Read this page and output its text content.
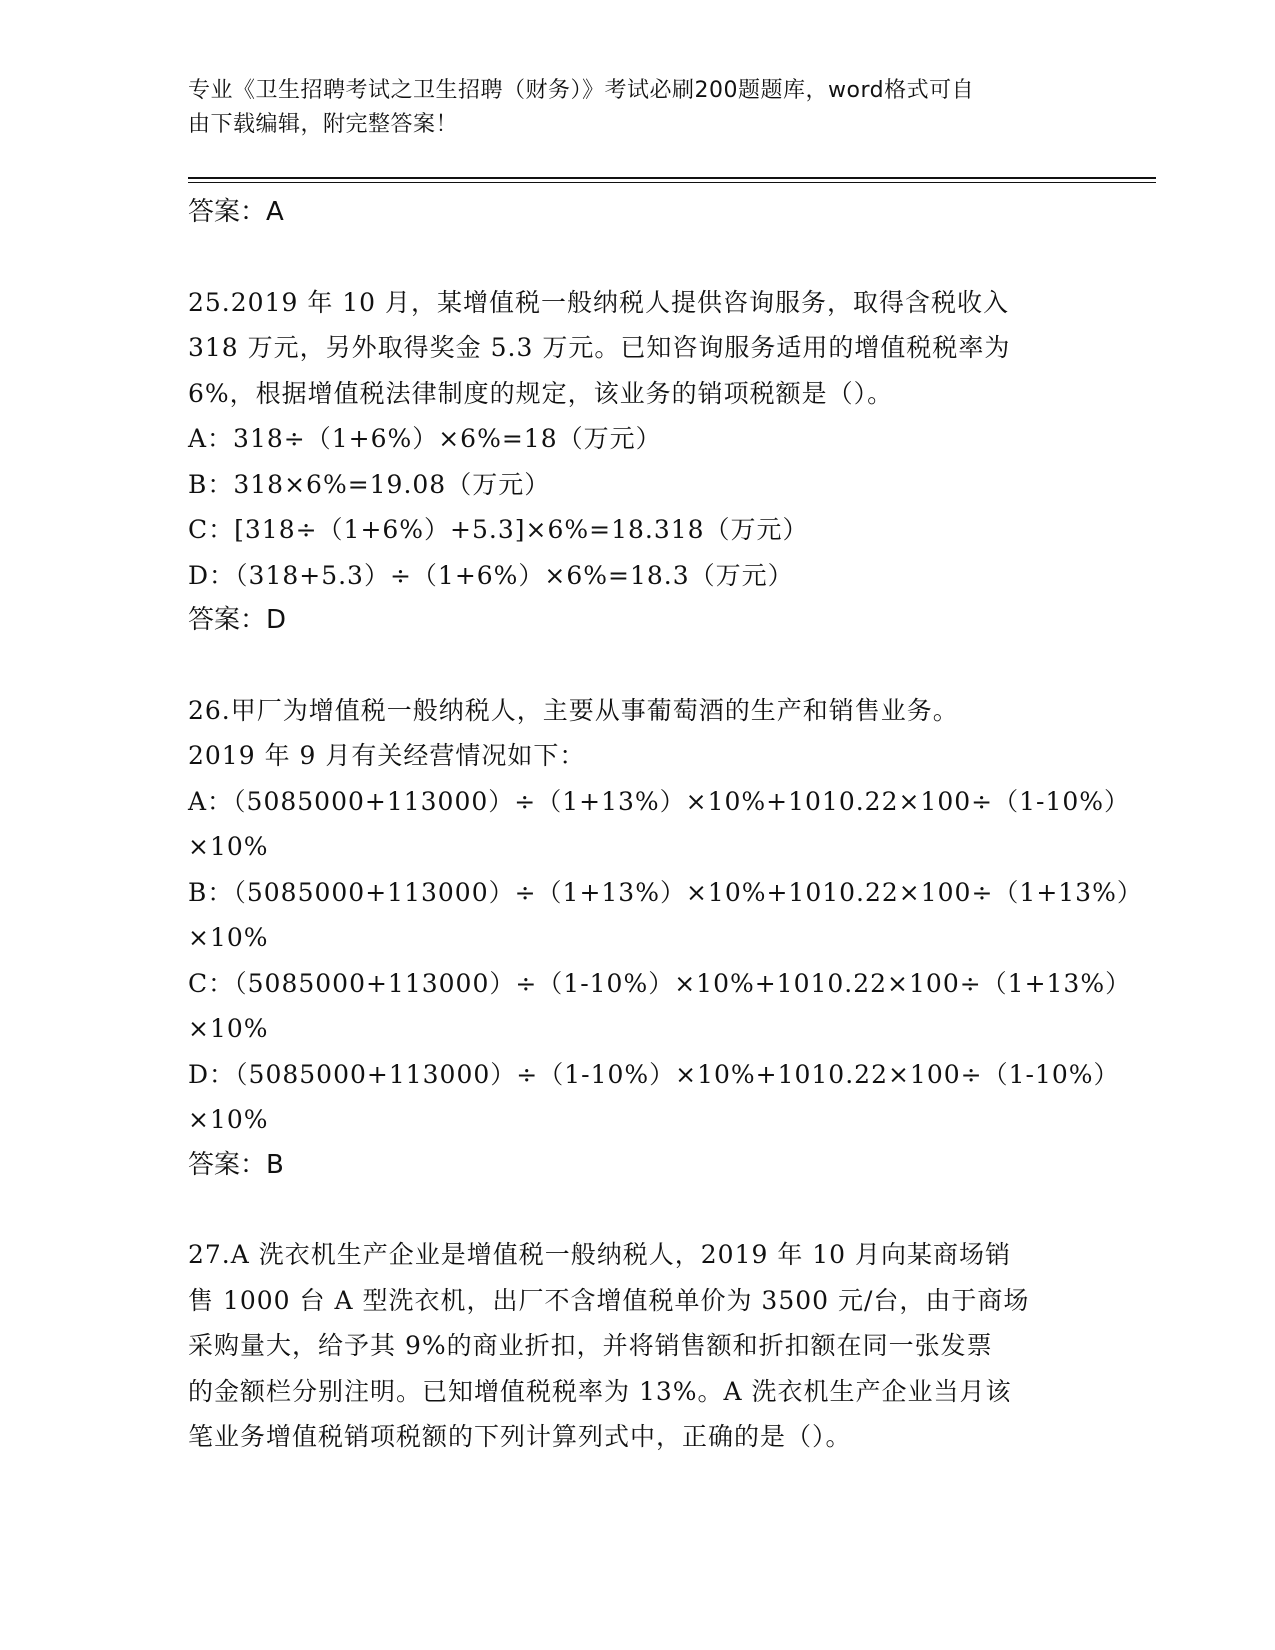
专业《卫生招聘考试之卫生招聘（财务）》考试必刷200题题库，word格式可自
由下载编辑，附完整答案！
答案：A
25.2019 年 10 月，某增值税一般纳税人提供咨询服务，取得含税收入
318 万元，另外取得奖金 5.3 万元。已知咨询服务适用的增值税税率为
6%，根据增值税法律制度的规定，该业务的销项税额是（）。
A：318÷（1+6%）×6%=18（万元）
B：318×6%=19.08（万元）
C：[318÷（1+6%）+5.3]×6%=18.318（万元）
D：（318+5.3）÷（1+6%）×6%=18.3（万元）
答案：D
26.甲厂为增值税一般纳税人，主要从事葡萄酒的生产和销售业务。
2019 年 9 月有关经营情况如下：
A：（5085000+113000）÷（1+13%）×10%+1010.22×100÷（1-10%）
×10%
B：（5085000+113000）÷（1+13%）×10%+1010.22×100÷（1+13%）
×10%
C：（5085000+113000）÷（1-10%）×10%+1010.22×100÷（1+13%）
×10%
D：（5085000+113000）÷（1-10%）×10%+1010.22×100÷（1-10%）
×10%
答案：B
27.A 洗衣机生产企业是增值税一般纳税人，2019 年 10 月向某商场销
售 1000 台 A 型洗衣机，出厂不含增值税单价为 3500 元/台，由于商场
采购量大，给予其 9%的商业折扣，并将销售额和折扣额在同一张发票
的金额栏分别注明。已知增值税税率为 13%。A 洗衣机生产企业当月该
笔业务增值税销项税额的下列计算列式中，正确的是（）。
